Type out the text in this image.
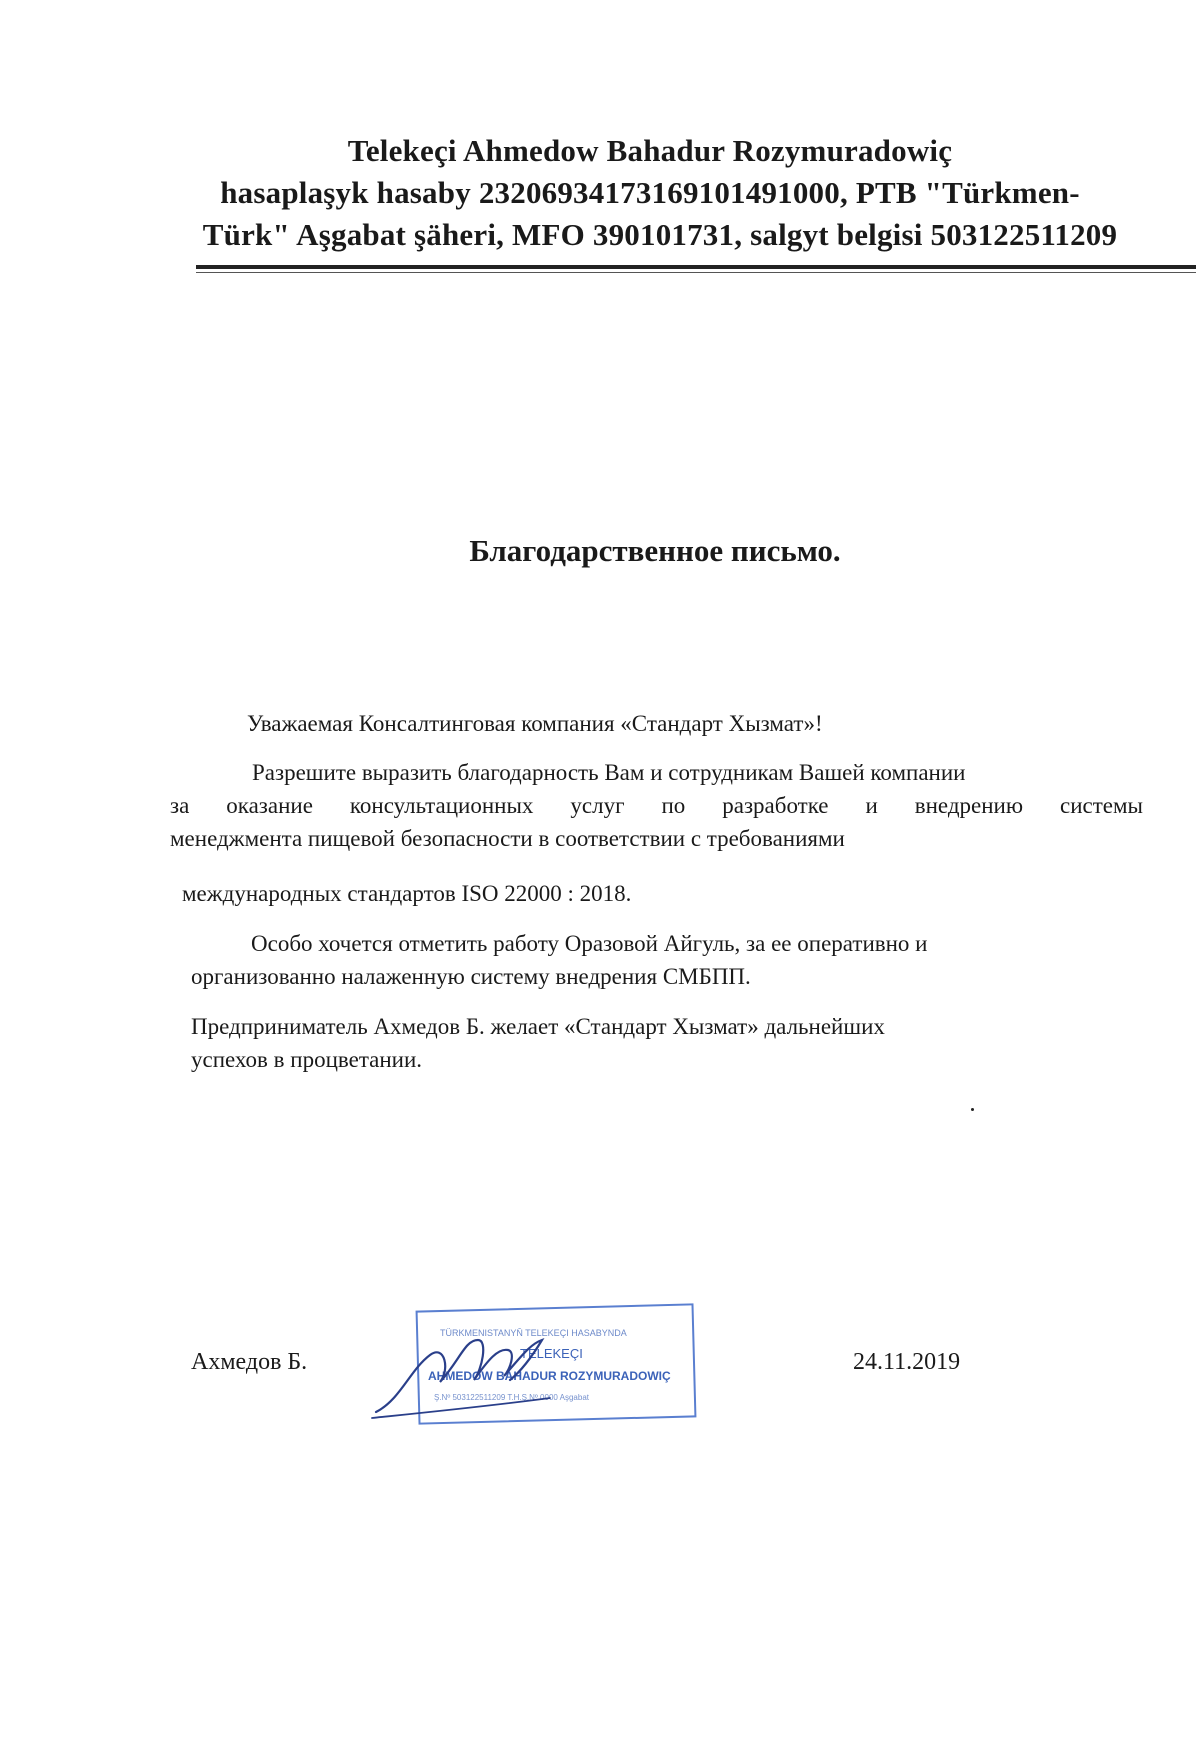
Telekeçi Ahmedow Bahadur Rozymuradowiç
hasaplaşyk hasaby 23206934173169101491000, PTB "Türkmen-
Türk" Aşgabat şäheri, MFO 390101731, salgyt belgisi 503122511209
Благодарственное письмо.
Уважаемая Консалтинговая компания «Стандарт Хызмат»!
Разрешите выразить благодарность Вам и сотрудникам Вашей компании
за оказание консультационных услуг по разработке и внедрению системы
менеджмента пищевой безопасности в соответствии с требованиями
международных стандартов ISO 22000 : 2018.
Особо хочется отметить работу Оразовой Айгуль, за ее оперативно и
организованно налаженную систему внедрения СМБПП.
Предприниматель Ахмедов Б. желает «Стандарт Хызмат» дальнейших
успехов в процветании.
Ахмедов Б.
TÜRKMENISTANYŇ TELEKEÇI HASABYNDA
TELEKEÇI
AHMEDOW BAHADUR ROZYMURADOWIÇ
Ş.Nº 503122511209 T.H.Ş.Nº 0000 Aşgabat
24.11.2019
